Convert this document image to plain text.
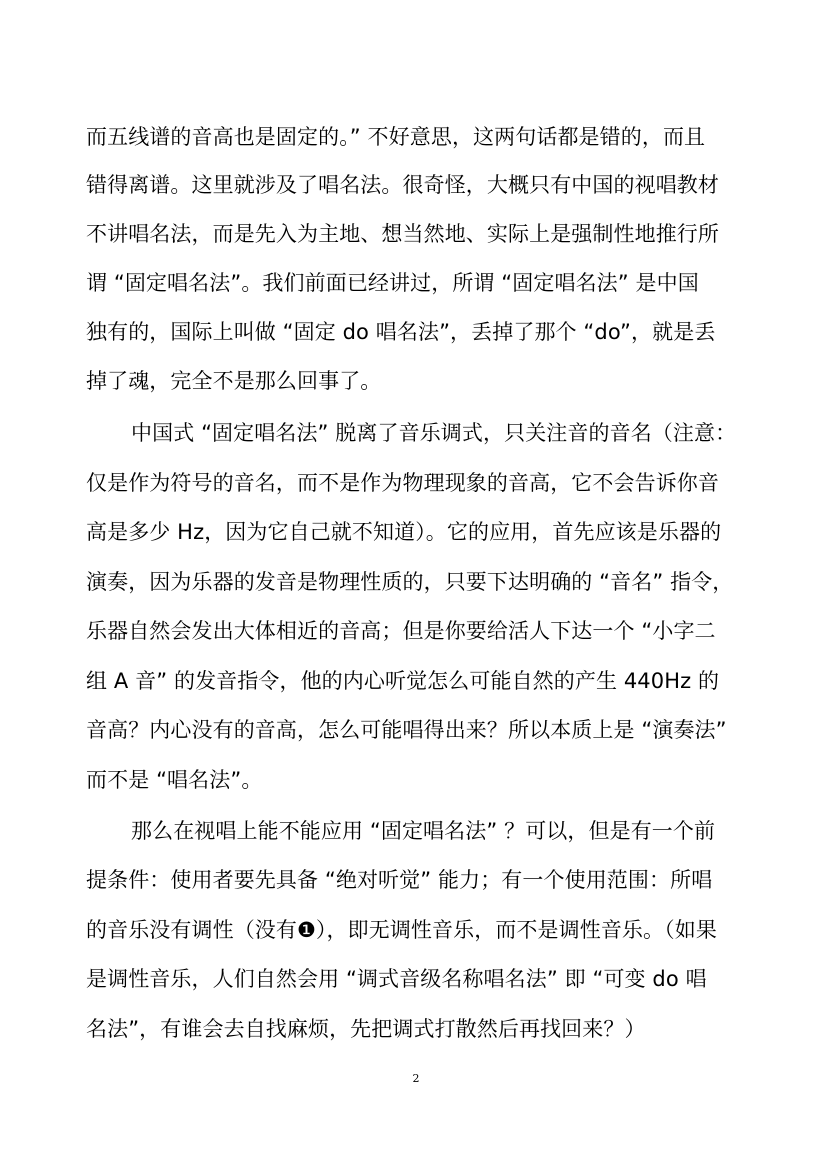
而五线谱的音高也是固定的。” 不好意思，这两句话都是错的，而且
错得离谱。这里就涉及了唱名法。很奇怪，大概只有中国的视唱教材
不讲唱名法，而是先入为主地、想当然地、实际上是强制性地推行所
谓 “固定唱名法”。我们前面已经讲过，所谓 “固定唱名法” 是中国
独有的，国际上叫做 “固定 do 唱名法”，丢掉了那个 “do”，就是丢
掉了魂，完全不是那么回事了。
中国式 “固定唱名法” 脱离了音乐调式，只关注音的音名（注意：
仅是作为符号的音名，而不是作为物理现象的音高，它不会告诉你音
高是多少 Hz，因为它自己就不知道）。它的应用，首先应该是乐器的
演奏，因为乐器的发音是物理性质的，只要下达明确的 “音名” 指令，
乐器自然会发出大体相近的音高；但是你要给活人下达一个 “小字二
组 A 音” 的发音指令，他的内心听觉怎么可能自然的产生 440Hz 的
音高？内心没有的音高，怎么可能唱得出来？所以本质上是 “演奏法”
而不是 “唱名法”。
那么在视唱上能不能应用 “固定唱名法” ？可以，但是有一个前
提条件：使用者要先具备 “绝对听觉” 能力；有一个使用范围：所唱
的音乐没有调性（没有❶），即无调性音乐，而不是调性音乐。（如果
是调性音乐，人们自然会用 “调式音级名称唱名法” 即 “可变 do 唱
名法”，有谁会去自找麻烦，先把调式打散然后再找回来？）
2
